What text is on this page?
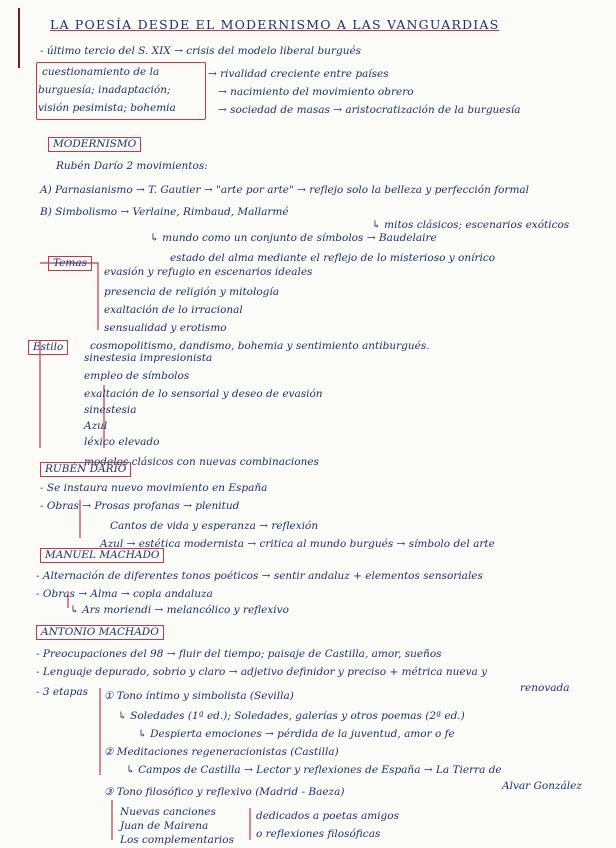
LA POESÍA DESDE EL MODERNISMO A LAS VANGUARDIAS
- último tercio del S. XIX → crisis del modelo liberal burgués
cuestionamiento de la
burguesía; inadaptación;
visión pesimista; bohemia
→ rivalidad creciente entre países
→ nacimiento del movimiento obrero
→ sociedad de masas → aristocratización de la burguesía
MODERNISMO
Rubén Darío 2 movimientos:
A) Parnasianismo → T. Gautier → "arte por arte" → reflejo solo la belleza y perfección formal
↳ mitos clásicos; escenarios exóticos
B) Simbolismo → Verlaine, Rimbaud, Mallarmé
↳ mundo como un conjunto de símbolos → Baudelaire
estado del alma mediante el reflejo de lo misterioso y onírico
Temas
evasión y refugio en escenarios ideales
presencia de religión y mitología
exaltación de lo irracional
sensualidad y erotismo
cosmopolitismo, dandismo, bohemia y sentimiento antiburgués.
Estilo
sinestesia impresionista
empleo de símbolos
exaltación de lo sensorial y deseo de evasión
sinestesia
Azul
léxico elevado
modelos clásicos con nuevas combinaciones
RUBÉN DARÍO
- Se instaura nuevo movimiento en España
- Obras → Prosas profanas → plenitud
Cantos de vida y esperanza → reflexión
Azul → estética modernista → critica al mundo burgués → símbolo del arte
MANUEL MACHADO
- Alternación de diferentes tonos poéticos → sentir andaluz + elementos sensoriales
- Obras → Alma → copla andaluza
↳ Ars moriendi → melancólico y reflexivo
ANTONIO MACHADO
- Preocupaciones del 98 → fluir del tiempo; paisaje de Castilla, amor, sueños
- Lenguaje depurado, sobrio y claro → adjetivo definidor y preciso + métrica nueva y
renovada
- 3 etapas ① Tono íntimo y simbolista (Sevilla)
↳ Soledades (1ª ed.); Soledades, galerías y otros poemas (2ª ed.)
↳ Despierta emociones → pérdida de la juventud, amor o fe
② Meditaciones regeneracionistas (Castilla)
↳ Campos de Castilla → Lector y reflexiones de España → La Tierra de
Alvar González
③ Tono filosófico y reflexivo (Madrid - Baeza)
Nuevas canciones
Juan de Mairena
Los complementarios
dedicados a poetas amigos
o reflexiones filosóficas
